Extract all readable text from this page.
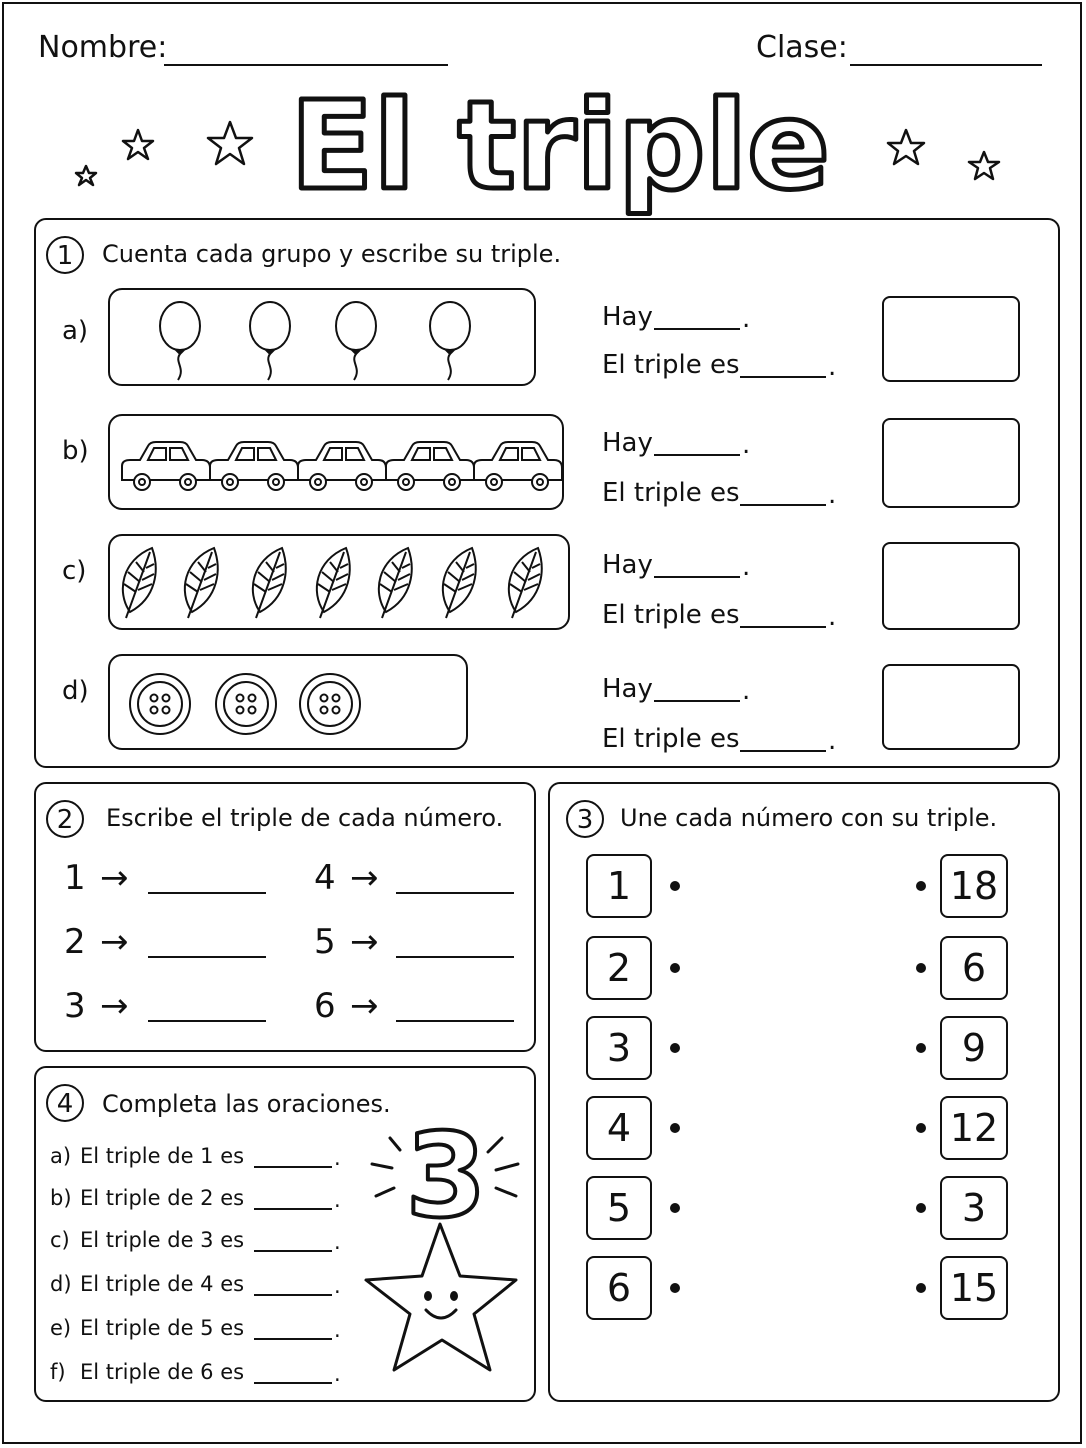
Nombre:	Clase:
El triple
1	Cuenta cada grupo y escribe su triple.
a)
b)
c)
d)
Hay	.
El triple es	.
Hay	.
El triple es	.
Hay	.
El triple es	.
Hay	.
El triple es	.
2	Escribe el triple de cada número.
1 →
2 →
3 →
4 →
5 →
6 →
3	Une cada número con su triple.
1
2
3
4
5
6
18
6
9
12
3
15
4	Completa las oraciones.
a) El triple de 1 es	.
b) El triple de 2 es	.
c) El triple de 3 es	.
d) El triple de 4 es	.
e) El triple de 5 es	.
f) El triple de 6 es	.
3
